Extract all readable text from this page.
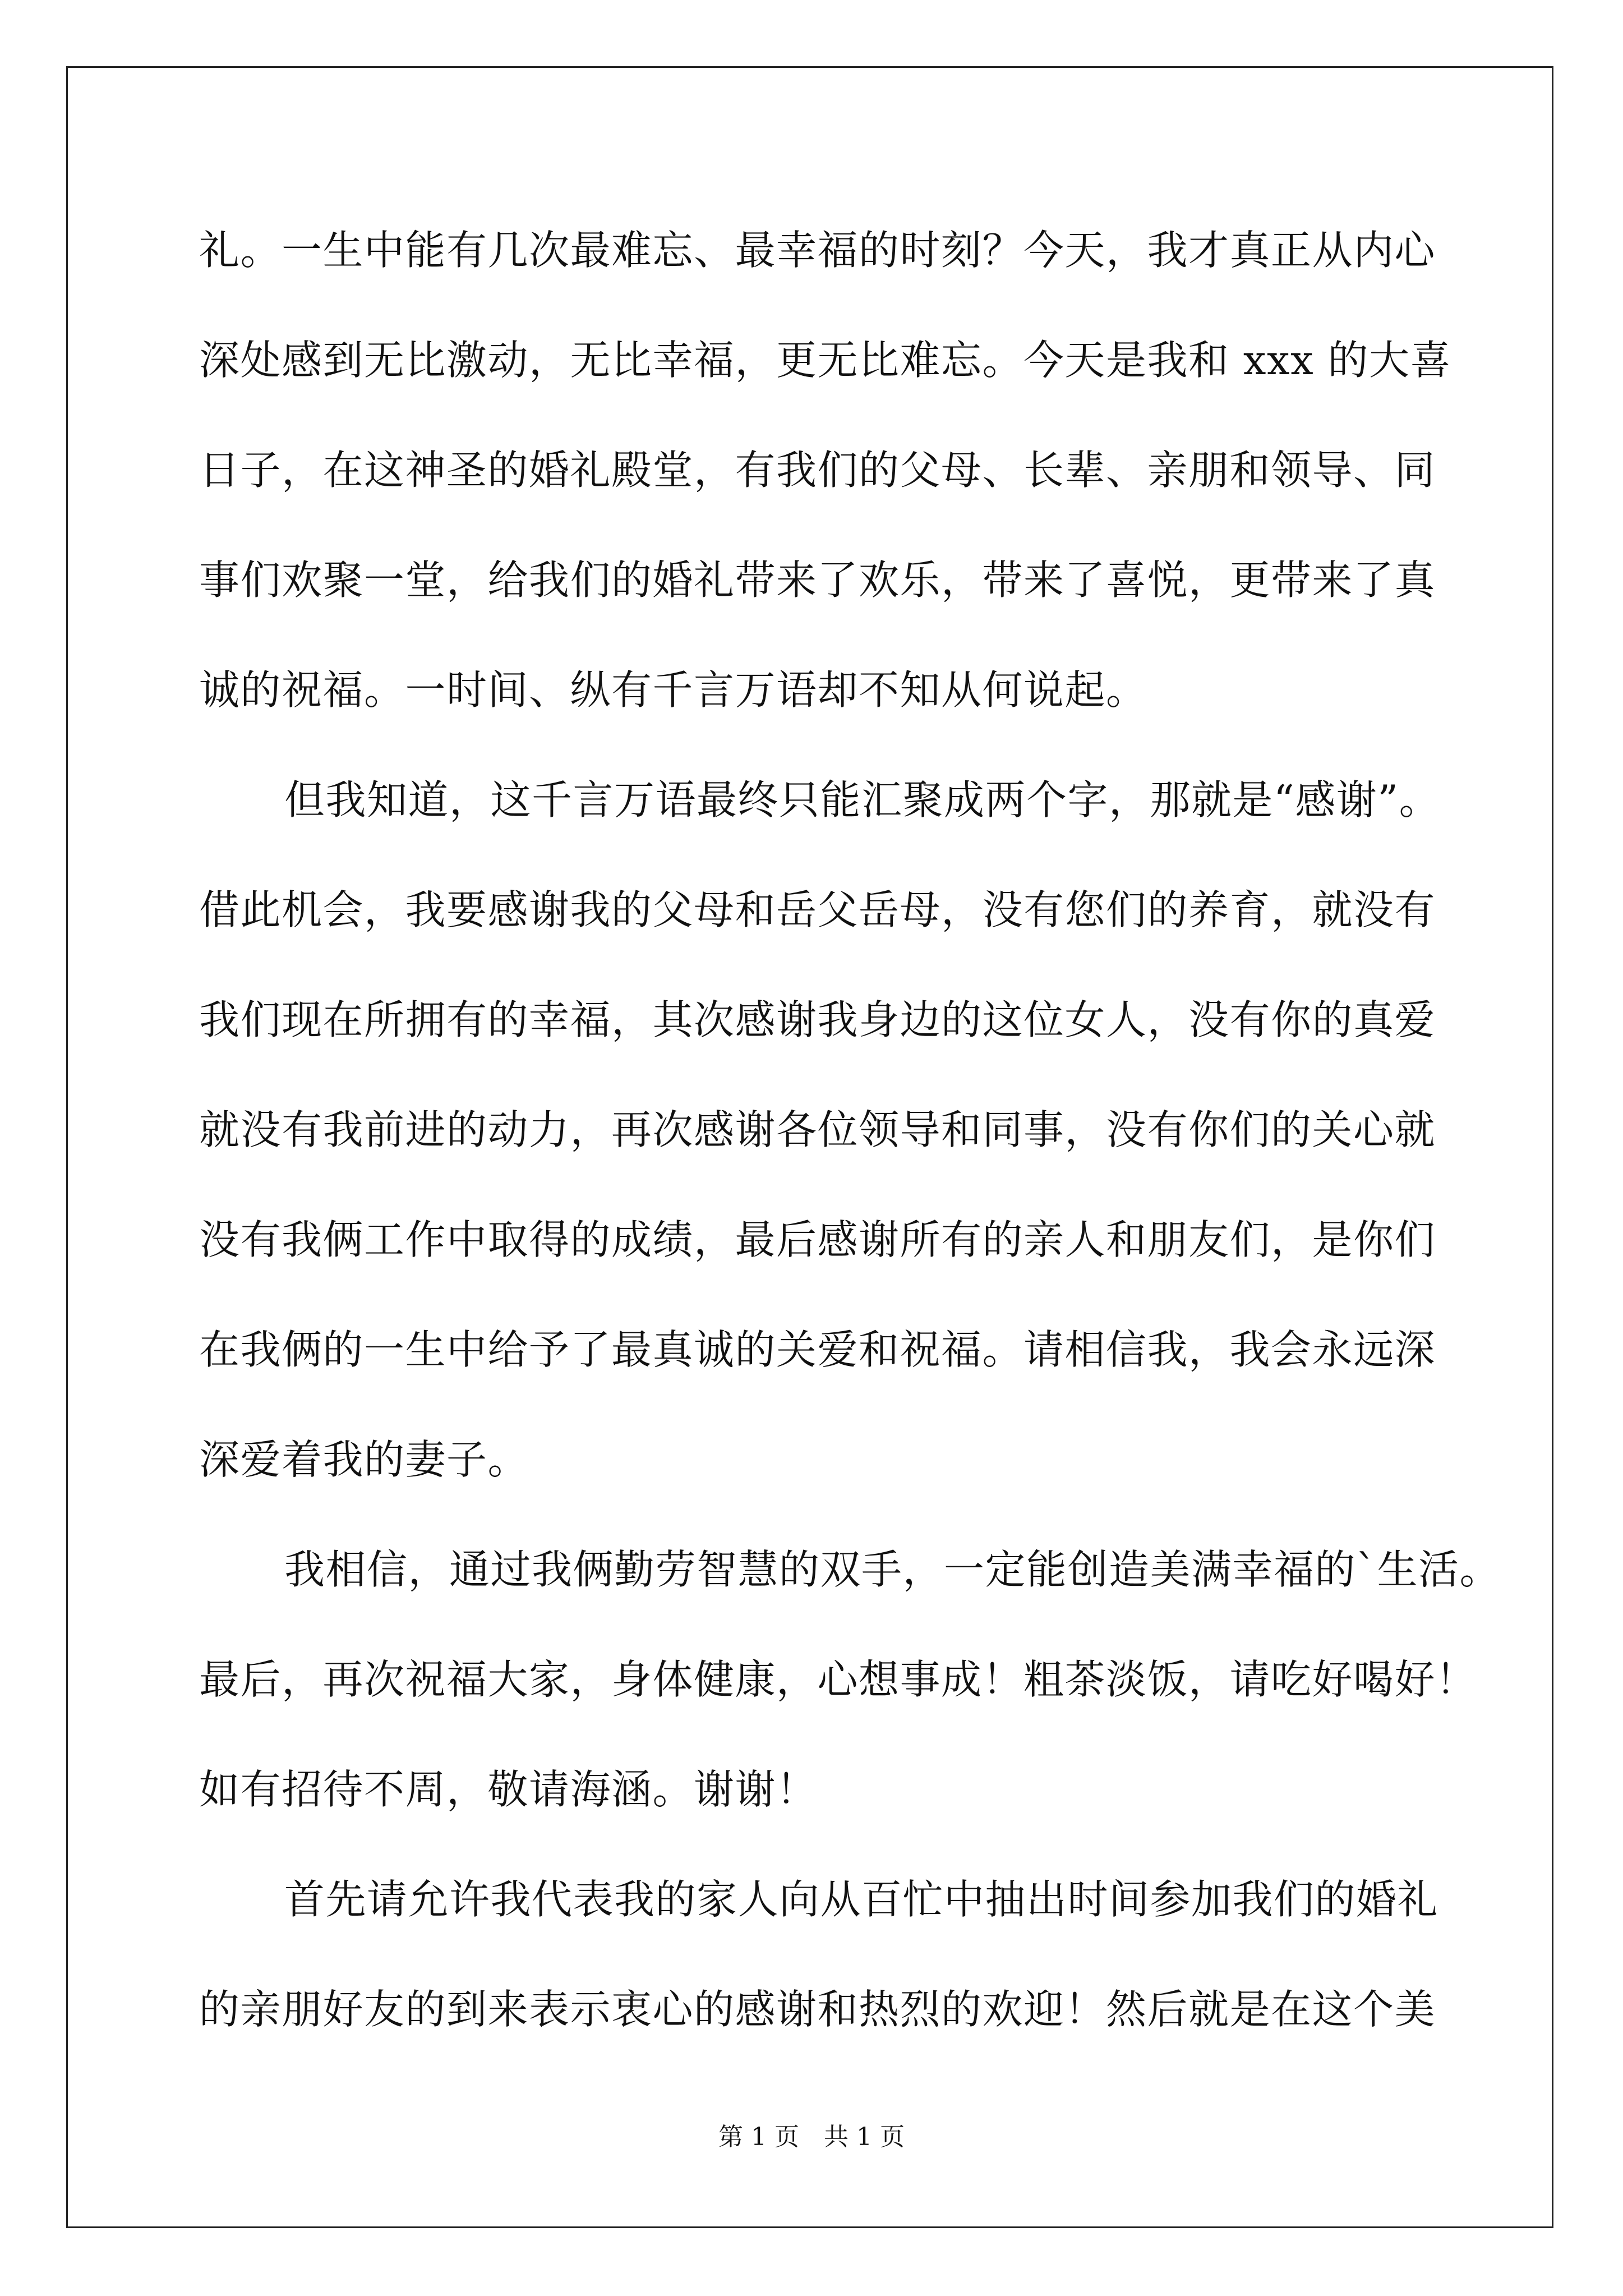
礼。一生中能有几次最难忘、最幸福的时刻？今天，我才真正从内心
深处感到无比激动，无比幸福，更无比难忘。今天是我和 xxx 的大喜
日子，在这神圣的婚礼殿堂，有我们的父母、长辈、亲朋和领导、同
事们欢聚一堂，给我们的婚礼带来了欢乐，带来了喜悦，更带来了真
诚的祝福。一时间、纵有千言万语却不知从何说起。
但我知道，这千言万语最终只能汇聚成两个字，那就是“感谢”。
借此机会，我要感谢我的父母和岳父岳母，没有您们的养育，就没有
我们现在所拥有的幸福，其次感谢我身边的这位女人，没有你的真爱
就没有我前进的动力，再次感谢各位领导和同事，没有你们的关心就
没有我俩工作中取得的成绩，最后感谢所有的亲人和朋友们，是你们
在我俩的一生中给予了最真诚的关爱和祝福。请相信我，我会永远深
深爱着我的妻子。
我相信，通过我俩勤劳智慧的双手，一定能创造美满幸福的`生活。
最后，再次祝福大家，身体健康，心想事成！粗茶淡饭，请吃好喝好！
如有招待不周，敬请海涵。谢谢！
首先请允许我代表我的家人向从百忙中抽出时间参加我们的婚礼
的亲朋好友的到来表示衷心的感谢和热烈的欢迎！然后就是在这个美
第 1 页 共 1 页
